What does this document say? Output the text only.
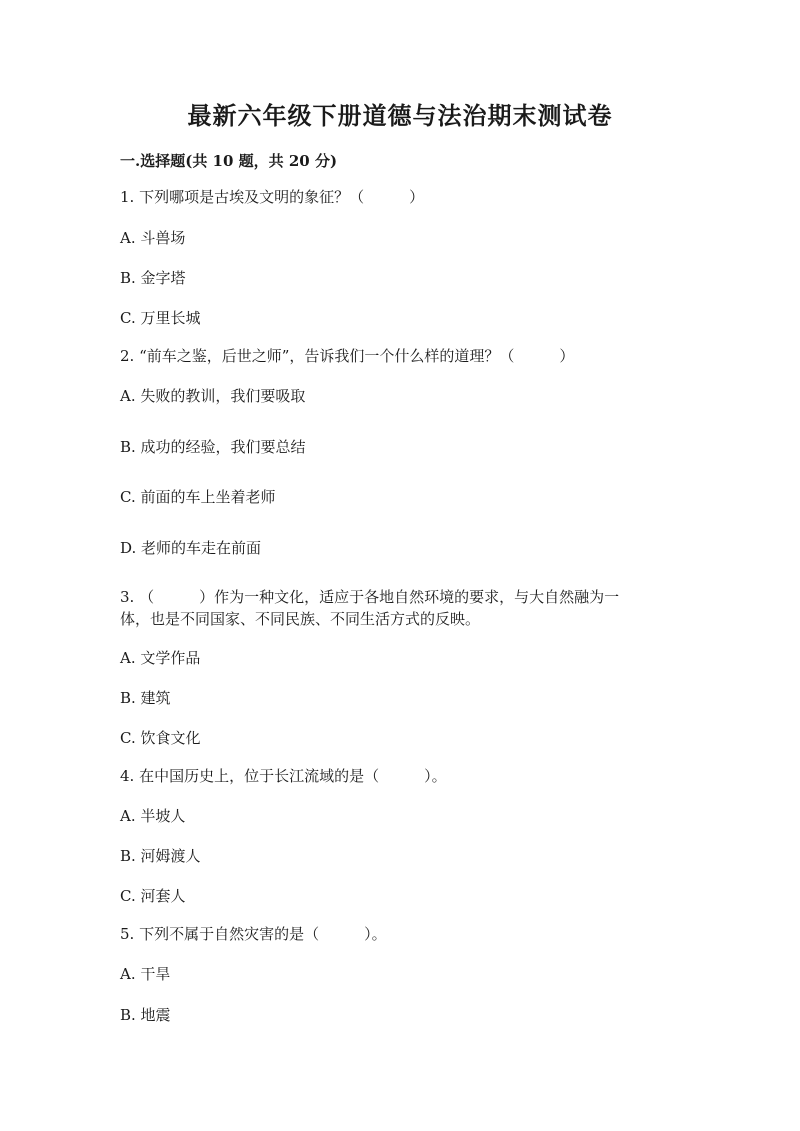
最新六年级下册道德与法治期末测试卷
一.选择题(共 10 题，共 20 分)
1. 下列哪项是古埃及文明的象征？（　　　）
A. 斗兽场
B. 金字塔
C. 万里长城
2. “前车之鉴，后世之师”，告诉我们一个什么样的道理？（　　　）
A. 失败的教训，我们要吸取
B. 成功的经验，我们要总结
C. 前面的车上坐着老师
D. 老师的车走在前面
3. （　　　）作为一种文化，适应于各地自然环境的要求，与大自然融为一
体，也是不同国家、不同民族、不同生活方式的反映。
A. 文学作品
B. 建筑
C. 饮食文化
4. 在中国历史上，位于长江流域的是（　　　）。
A. 半坡人
B. 河姆渡人
C. 河套人
5. 下列不属于自然灾害的是（　　　）。
A. 干旱
B. 地震
